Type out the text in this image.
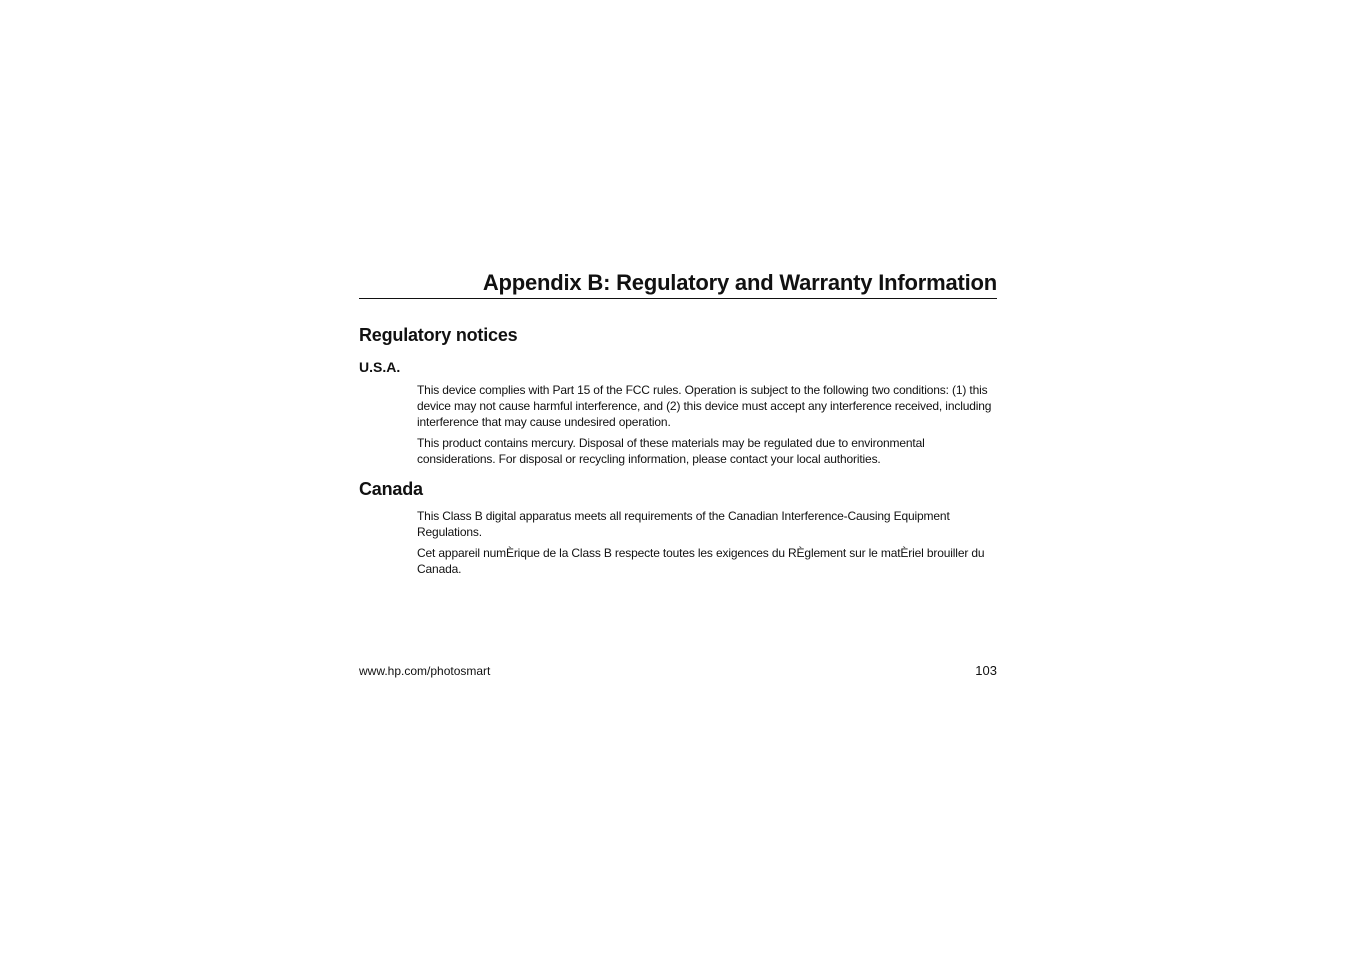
Appendix B: Regulatory and Warranty Information
Regulatory notices
U.S.A.

This device complies with Part 15 of the FCC rules. Operation is subject to the following two conditions: (1) this device may not cause harmful interference, and (2) this device must accept any interference received, including interference that may cause undesired operation.

This product contains mercury. Disposal of these materials may be regulated due to environmental considerations. For disposal or recycling information, please contact your local authorities.

Canada

This Class B digital apparatus meets all requirements of the Canadian Interference-Causing Equipment Regulations.

Cet appareil numÈrique de la Class B respecte toutes les exigences du RÈglement sur le matÈriel brouiller du Canada.

www.hp.com/photosmart	103
